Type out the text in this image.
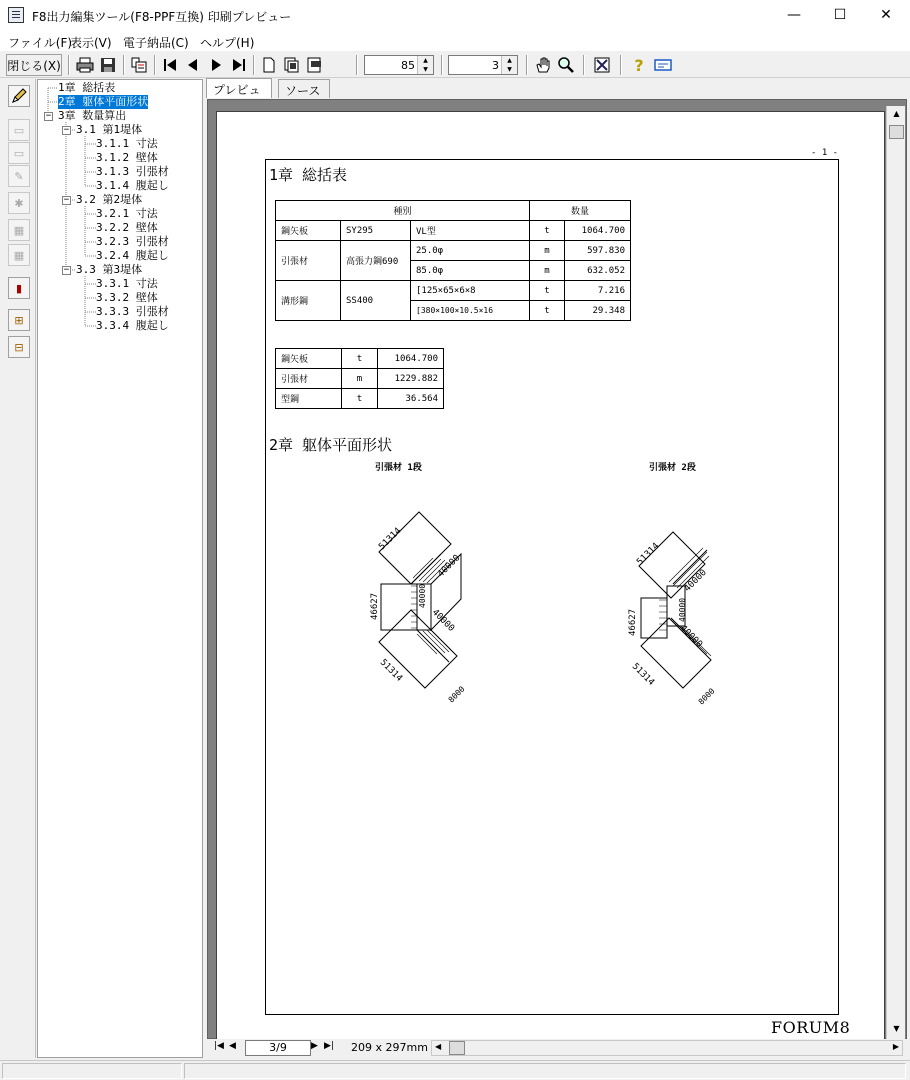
F8出力編集ツール(F8-PPF互換) 印刷プレビュー	—	☐	✕
ファイル(F)
表示(V) 電子納品(C) ヘルプ(H)
閉じる(X)	85	▲
▼	3	▲
▼	?
▭
▭
✎
✱
▦
▦
▮
⊞
⊟
−
−
−
−
1章 総括表
2章 躯体平面形状
3章 数量算出
3.1 第1堤体
3.1.1 寸法
3.1.2 壁体
3.1.3 引張材
3.1.4 腹起し
3.2 第2堤体
3.2.1 寸法
3.2.2 壁体
3.2.3 引張材
3.2.4 腹起し
3.3 第3堤体
3.3.1 寸法
3.3.2 壁体
3.3.3 引張材
3.3.4 腹起し
プレビュ	ソース
- 1 -
1章 総括表
種別			数量	
鋼矢板	SY295	VL型	t	1064.700
引張材	高張力鋼690	25.0φ	m	597.830
		85.0φ	m	632.052
溝形鋼	SS400	[125×65×6×8	t	7.216
		[380×100×10.5×16	t	29.348
鋼矢板	t	1064.700
引張材	m	1229.882
型鋼	t	36.564
2章 躯体平面形状
引張材 1段
51314
40000
46627	40000
40000
51314
8000
引張材 2段
51314
40000
46627	40000
40000
51314
8000
FORUM8
▲
▼
|◀ ◀	3/9	▶ ▶| 209 x 297mm ◀	▶
